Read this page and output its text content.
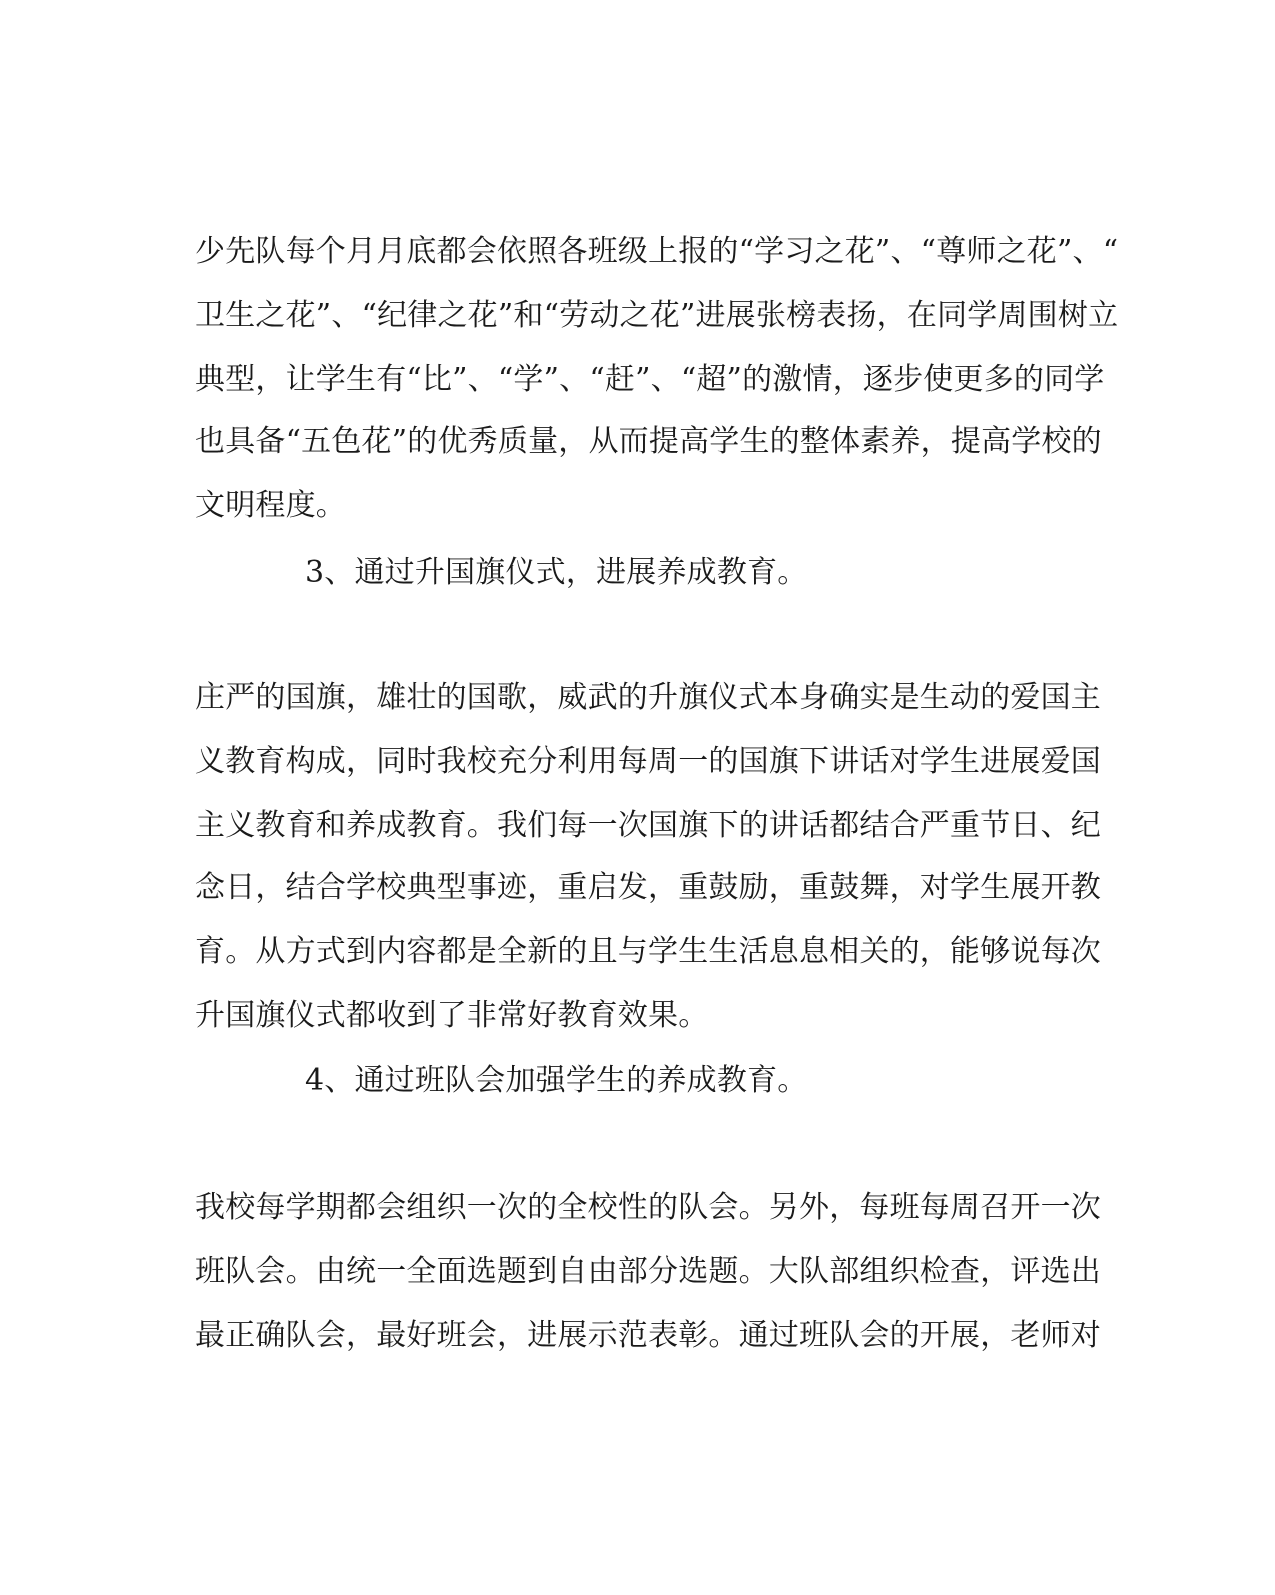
少先队每个月月底都会依照各班级上报的“学习之花”、“尊师之花”、“
卫生之花”、“纪律之花”和“劳动之花”进展张榜表扬，在同学周围树立
典型，让学生有“比”、“学”、“赶”、“超”的激情，逐步使更多的同学
也具备“五色花”的优秀质量，从而提高学生的整体素养，提高学校的
文明程度。
3、通过升国旗仪式，进展养成教育。
庄严的国旗，雄壮的国歌，威武的升旗仪式本身确实是生动的爱国主
义教育构成，同时我校充分利用每周一的国旗下讲话对学生进展爱国
主义教育和养成教育。我们每一次国旗下的讲话都结合严重节日、纪
念日，结合学校典型事迹，重启发，重鼓励，重鼓舞，对学生展开教
育。从方式到内容都是全新的且与学生生活息息相关的，能够说每次
升国旗仪式都收到了非常好教育效果。
4、通过班队会加强学生的养成教育。
我校每学期都会组织一次的全校性的队会。另外，每班每周召开一次
班队会。由统一全面选题到自由部分选题。大队部组织检查，评选出
最正确队会，最好班会，进展示范表彰。通过班队会的开展，老师对
